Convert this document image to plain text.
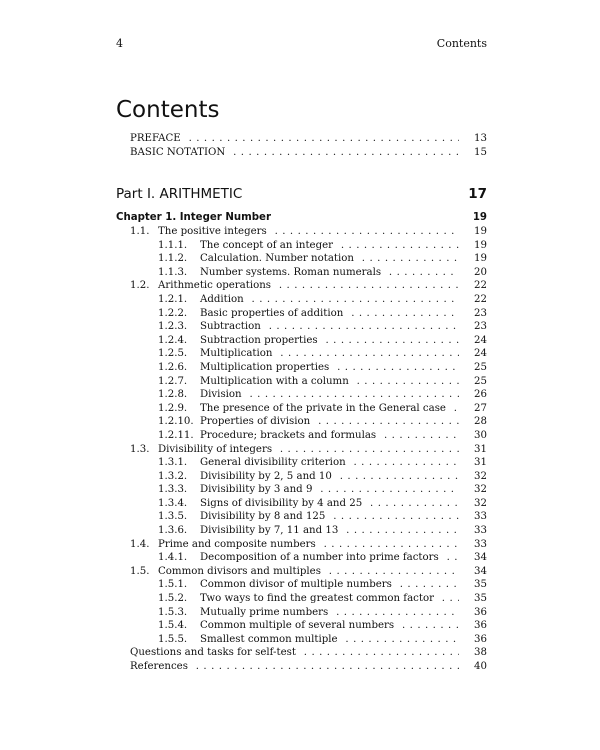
4	Contents
Contents
PREFACE . . .	13
BASIC NOTATION . . .	15
Part I. ARITHMETIC	17
Chapter 1. Integer Number	19
1.1. The positive integers . . .	19
1.1.1. The concept of an integer . . .	19
1.1.2. Calculation. Number notation . . .	19
1.1.3. Number systems. Roman numerals . . .	20
1.2. Arithmetic operations . . .	22
1.2.1. Addition . . .	22
1.2.2. Basic properties of addition . . .	23
1.2.3. Subtraction . . .	23
1.2.4. Subtraction properties . . .	24
1.2.5. Multiplication . . .	24
1.2.6. Multiplication properties . . .	25
1.2.7. Multiplication with a column . . .	25
1.2.8. Division . . .	26
1.2.9. The presence of the private in the General case . . .	27
1.2.10. Properties of division . . .	28
1.2.11. Procedure; brackets and formulas . . .	30
1.3. Divisibility of integers . . .	31
1.3.1. General divisibility criterion . . .	31
1.3.2. Divisibility by 2, 5 and 10 . . .	32
1.3.3. Divisibility by 3 and 9 . . .	32
1.3.4. Signs of divisibility by 4 and 25 . . .	32
1.3.5. Divisibility by 8 and 125 . . .	33
1.3.6. Divisibility by 7, 11 and 13 . . .	33
1.4. Prime and composite numbers . . .	33
1.4.1. Decomposition of a number into prime factors . . .	34
1.5. Common divisors and multiples . . .	34
1.5.1. Common divisor of multiple numbers . . .	35
1.5.2. Two ways to find the greatest common factor . . .	35
1.5.3. Mutually prime numbers . . .	36
1.5.4. Common multiple of several numbers . . .	36
1.5.5. Smallest common multiple . . .	36
Questions and tasks for self-test . . .	38
References . . .	40
